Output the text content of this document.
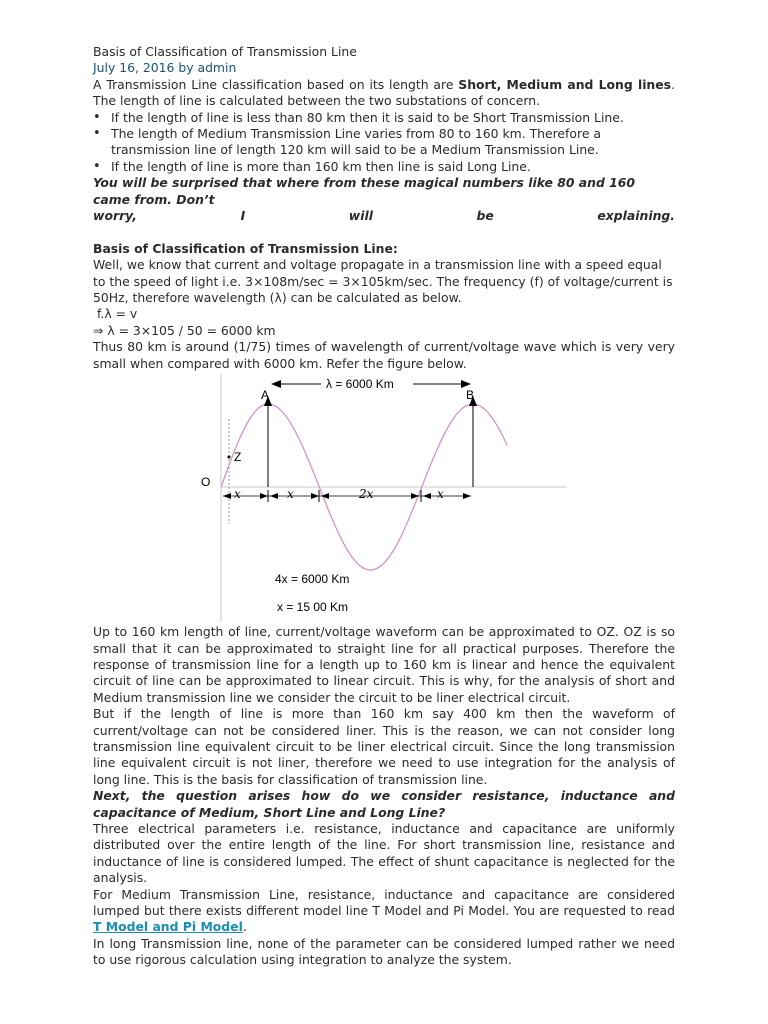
Basis of Classification of Transmission Line

July 16, 2016 by admin

A Transmission Line classification based on its length are Short, Medium and Long lines. The length of line is calculated between the two substations of concern.

• If the length of line is less than 80 km then it is said to be Short Transmission Line.
• The length of Medium Transmission Line varies from 80 to 160 km. Therefore a transmission line of length 120 km will said to be a Medium Transmission Line.
• If the length of line is more than 160 km then line is said Long Line.

You will be surprised that where from these magical numbers like 80 and 160 came from. Don’t

worry,	I	will	be	explaining.

Basis of Classification of Transmission Line:

Well, we know that current and voltage propagate in a transmission line with a speed equal to the speed of light i.e. 3×108m/sec = 3×105km/sec. The frequency (f) of voltage/current is 50Hz, therefore wavelength (λ) can be calculated as below.

f.λ = v

⇒ λ = 3×105 / 50 = 6000 km

Thus 80 km is around (1/75) times of wavelength of current/voltage wave which is very very small when compared with 6000 km. Refer the figure below.

λ = 6000 Km
A	B
O
Z
x	x	2x	x
4x = 6000 Km
x = 15 00 Km

Up to 160 km length of line, current/voltage waveform can be approximated to OZ. OZ is so small that it can be approximated to straight line for all practical purposes. Therefore the response of transmission line for a length up to 160 km is linear and hence the equivalent circuit of line can be approximated to linear circuit. This is why, for the analysis of short and Medium transmission line we consider the circuit to be liner electrical circuit.

But if the length of line is more than 160 km say 400 km then the waveform of current/voltage can not be considered liner. This is the reason, we can not consider long transmission line equivalent circuit to be liner electrical circuit. Since the long transmission line equivalent circuit is not liner, therefore we need to use integration for the analysis of long line. This is the basis for classification of transmission line.

Next, the question arises how do we consider resistance, inductance and capacitance of Medium, Short Line and Long Line?

Three electrical parameters i.e. resistance, inductance and capacitance are uniformly distributed over the entire length of the line. For short transmission line, resistance and inductance of line is considered lumped. The effect of shunt capacitance is neglected for the analysis.

For Medium Transmission Line, resistance, inductance and capacitance are considered lumped but there exists different model line T Model and Pi Model. You are requested to read T Model and Pi Model.

In long Transmission line, none of the parameter can be considered lumped rather we need to use rigorous calculation using integration to analyze the system.
